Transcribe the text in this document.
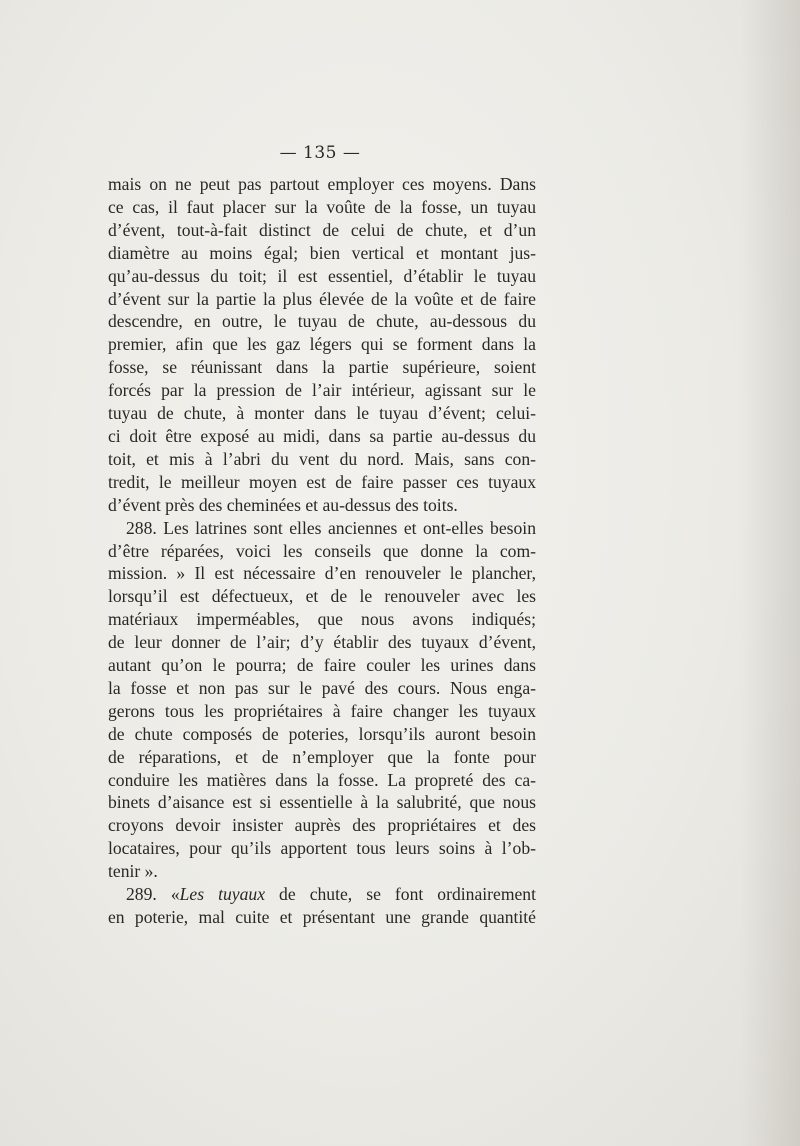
— 135 —
mais on ne peut pas partout employer ces moyens. Dans
ce cas, il faut placer sur la voûte de la fosse, un tuyau
d’évent, tout-à-fait distinct de celui de chute, et d’un
diamètre au moins égal; bien vertical et montant jus-
qu’au-dessus du toit; il est essentiel, d’établir le tuyau
d’évent sur la partie la plus élevée de la voûte et de faire
descendre, en outre, le tuyau de chute, au-dessous du
premier, afin que les gaz légers qui se forment dans la
fosse, se réunissant dans la partie supérieure, soient
forcés par la pression de l’air intérieur, agissant sur le
tuyau de chute, à monter dans le tuyau d’évent; celui-
ci doit être exposé au midi, dans sa partie au-dessus du
toit, et mis à l’abri du vent du nord. Mais, sans con-
tredit, le meilleur moyen est de faire passer ces tuyaux
d’évent près des cheminées et au-dessus des toits.
288. Les latrines sont elles anciennes et ont-elles besoin
d’être réparées, voici les conseils que donne la com-
mission. » Il est nécessaire d’en renouveler le plancher,
lorsqu’il est défectueux, et de le renouveler avec les
matériaux imperméables, que nous avons indiqués;
de leur donner de l’air; d’y établir des tuyaux d’évent,
autant qu’on le pourra; de faire couler les urines dans
la fosse et non pas sur le pavé des cours. Nous enga-
gerons tous les propriétaires à faire changer les tuyaux
de chute composés de poteries, lorsqu’ils auront besoin
de réparations, et de n’employer que la fonte pour
conduire les matières dans la fosse. La propreté des ca-
binets d’aisance est si essentielle à la salubrité, que nous
croyons devoir insister auprès des propriétaires et des
locataires, pour qu’ils apportent tous leurs soins à l’ob-
tenir ».
289. «Les tuyaux de chute, se font ordinairement
en poterie, mal cuite et présentant une grande quantité
